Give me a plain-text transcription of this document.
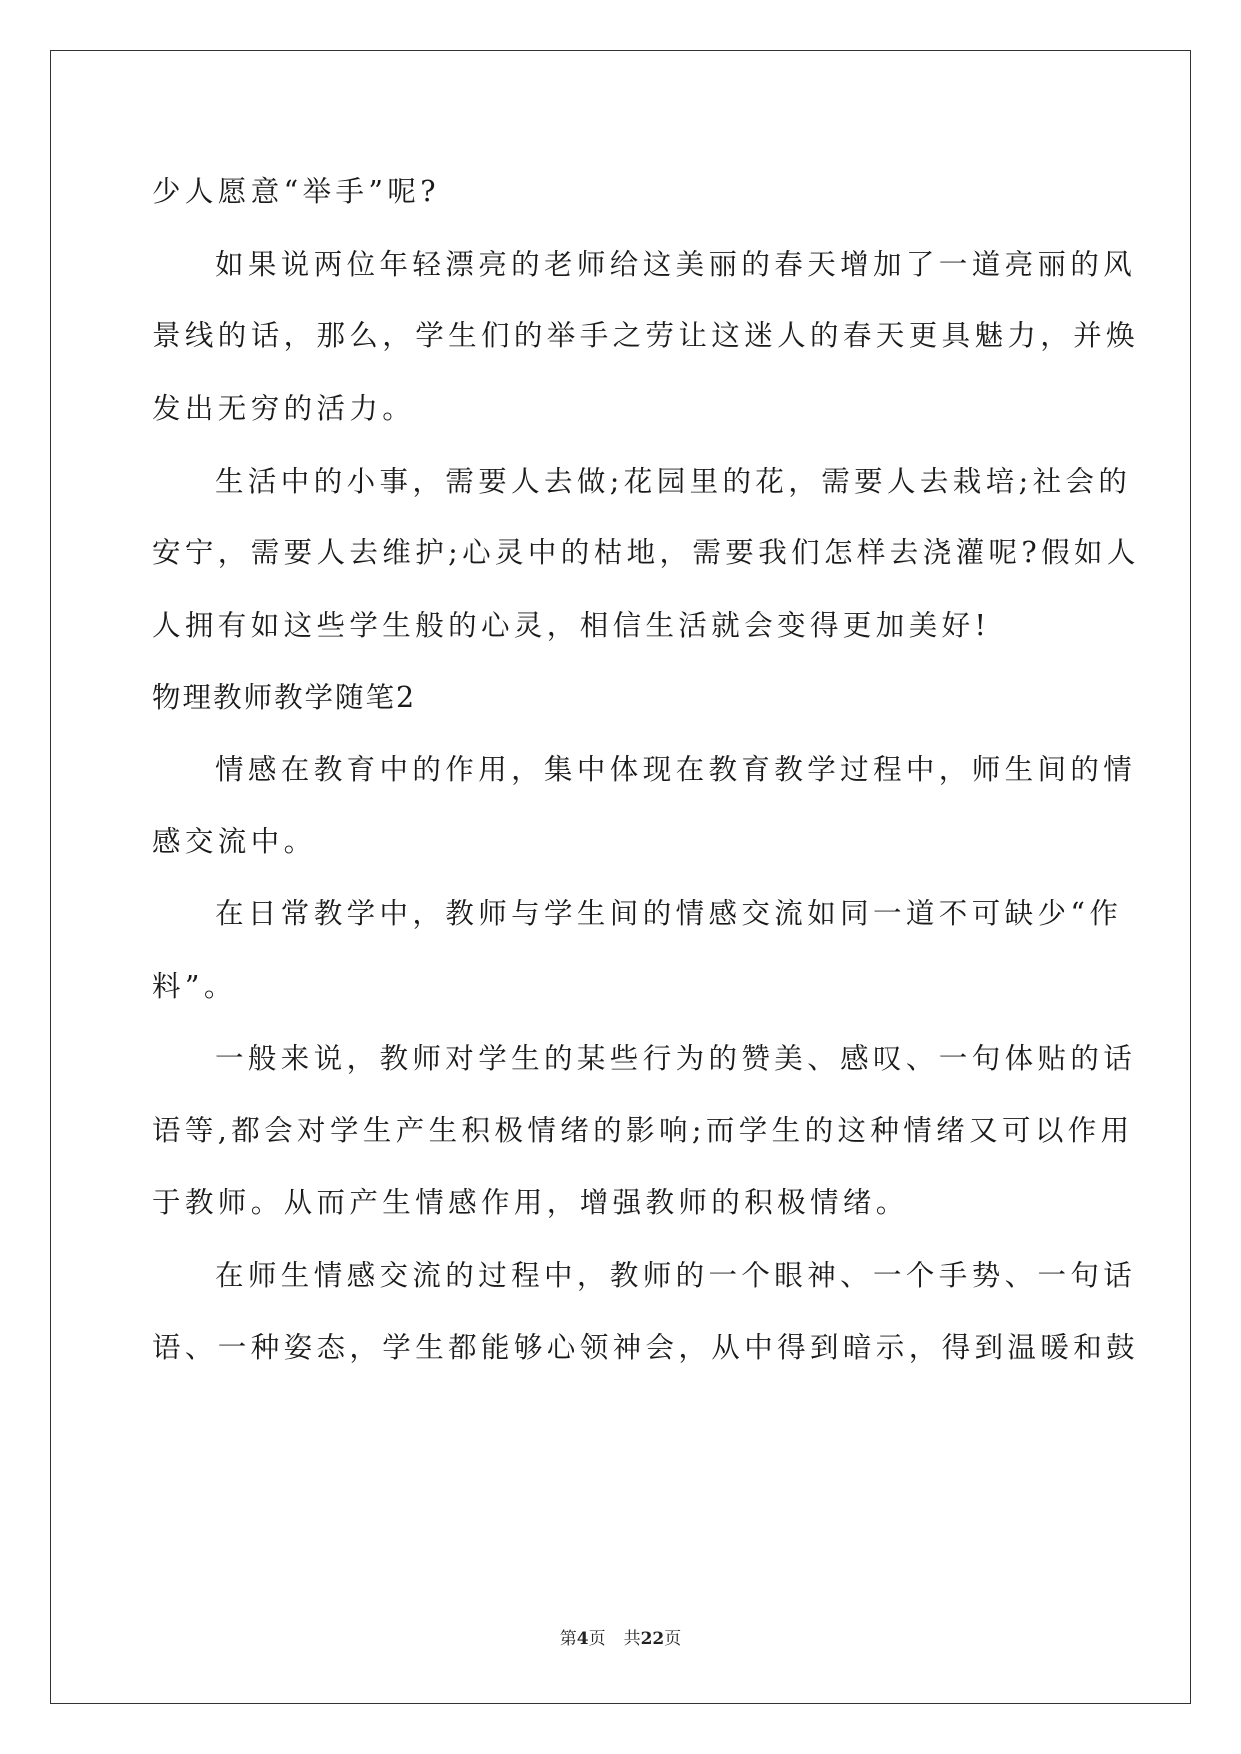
少人愿意“举手”呢?
如果说两位年轻漂亮的老师给这美丽的春天增加了一道亮丽的风
景线的话，那么，学生们的举手之劳让这迷人的春天更具魅力，并焕
发出无穷的活力。
生活中的小事，需要人去做;花园里的花，需要人去栽培;社会的
安宁，需要人去维护;心灵中的枯地，需要我们怎样去浇灌呢?假如人
人拥有如这些学生般的心灵，相信生活就会变得更加美好!
物理教师教学随笔2
情感在教育中的作用，集中体现在教育教学过程中，师生间的情
感交流中。
在日常教学中，教师与学生间的情感交流如同一道不可缺少“作
料”。
一般来说，教师对学生的某些行为的赞美、感叹、一句体贴的话
语等,都会对学生产生积极情绪的影响;而学生的这种情绪又可以作用
于教师。从而产生情感作用，增强教师的积极情绪。
在师生情感交流的过程中，教师的一个眼神、一个手势、一句话
语、一种姿态，学生都能够心领神会，从中得到暗示，得到温暖和鼓
第4页 共22页
